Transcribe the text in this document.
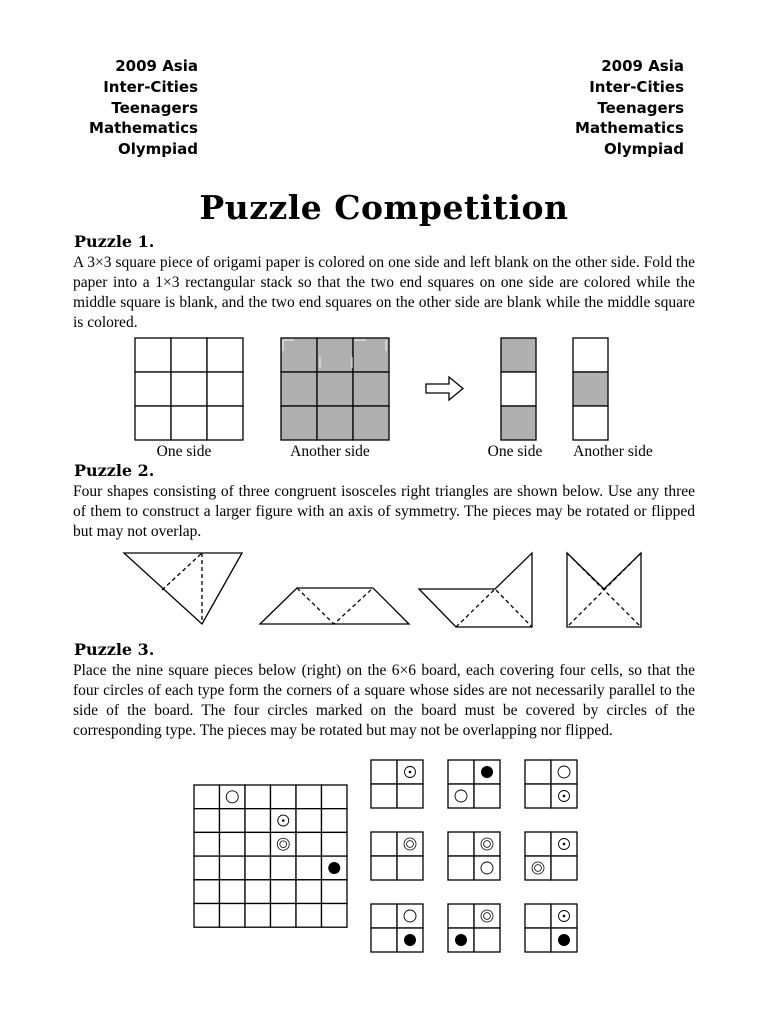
2009 Asia
Inter-Cities
Teenagers
Mathematics
Olympiad
2009 Asia
Inter-Cities
Teenagers
Mathematics
Olympiad
Puzzle Competition
Puzzle 1.
A 3×3 square piece of origami paper is colored on one side and left blank on the other side. Fold the paper into a 1×3 rectangular stack so that the two end squares on one side are colored while the middle square is blank, and the two end squares on the other side are blank while the middle square is colored.
One side	Another side	One side	Another side
Puzzle 2.
Four shapes consisting of three congruent isosceles right triangles are shown below. Use any three of them to construct a larger figure with an axis of symmetry. The pieces may be rotated or flipped but may not overlap.
Puzzle 3.
Place the nine square pieces below (right) on the 6×6 board, each covering four cells, so that the four circles of each type form the corners of a square whose sides are not necessarily parallel to the side of the board. The four circles marked on the board must be covered by circles of the corresponding type. The pieces may be rotated but may not be overlapping nor flipped.
